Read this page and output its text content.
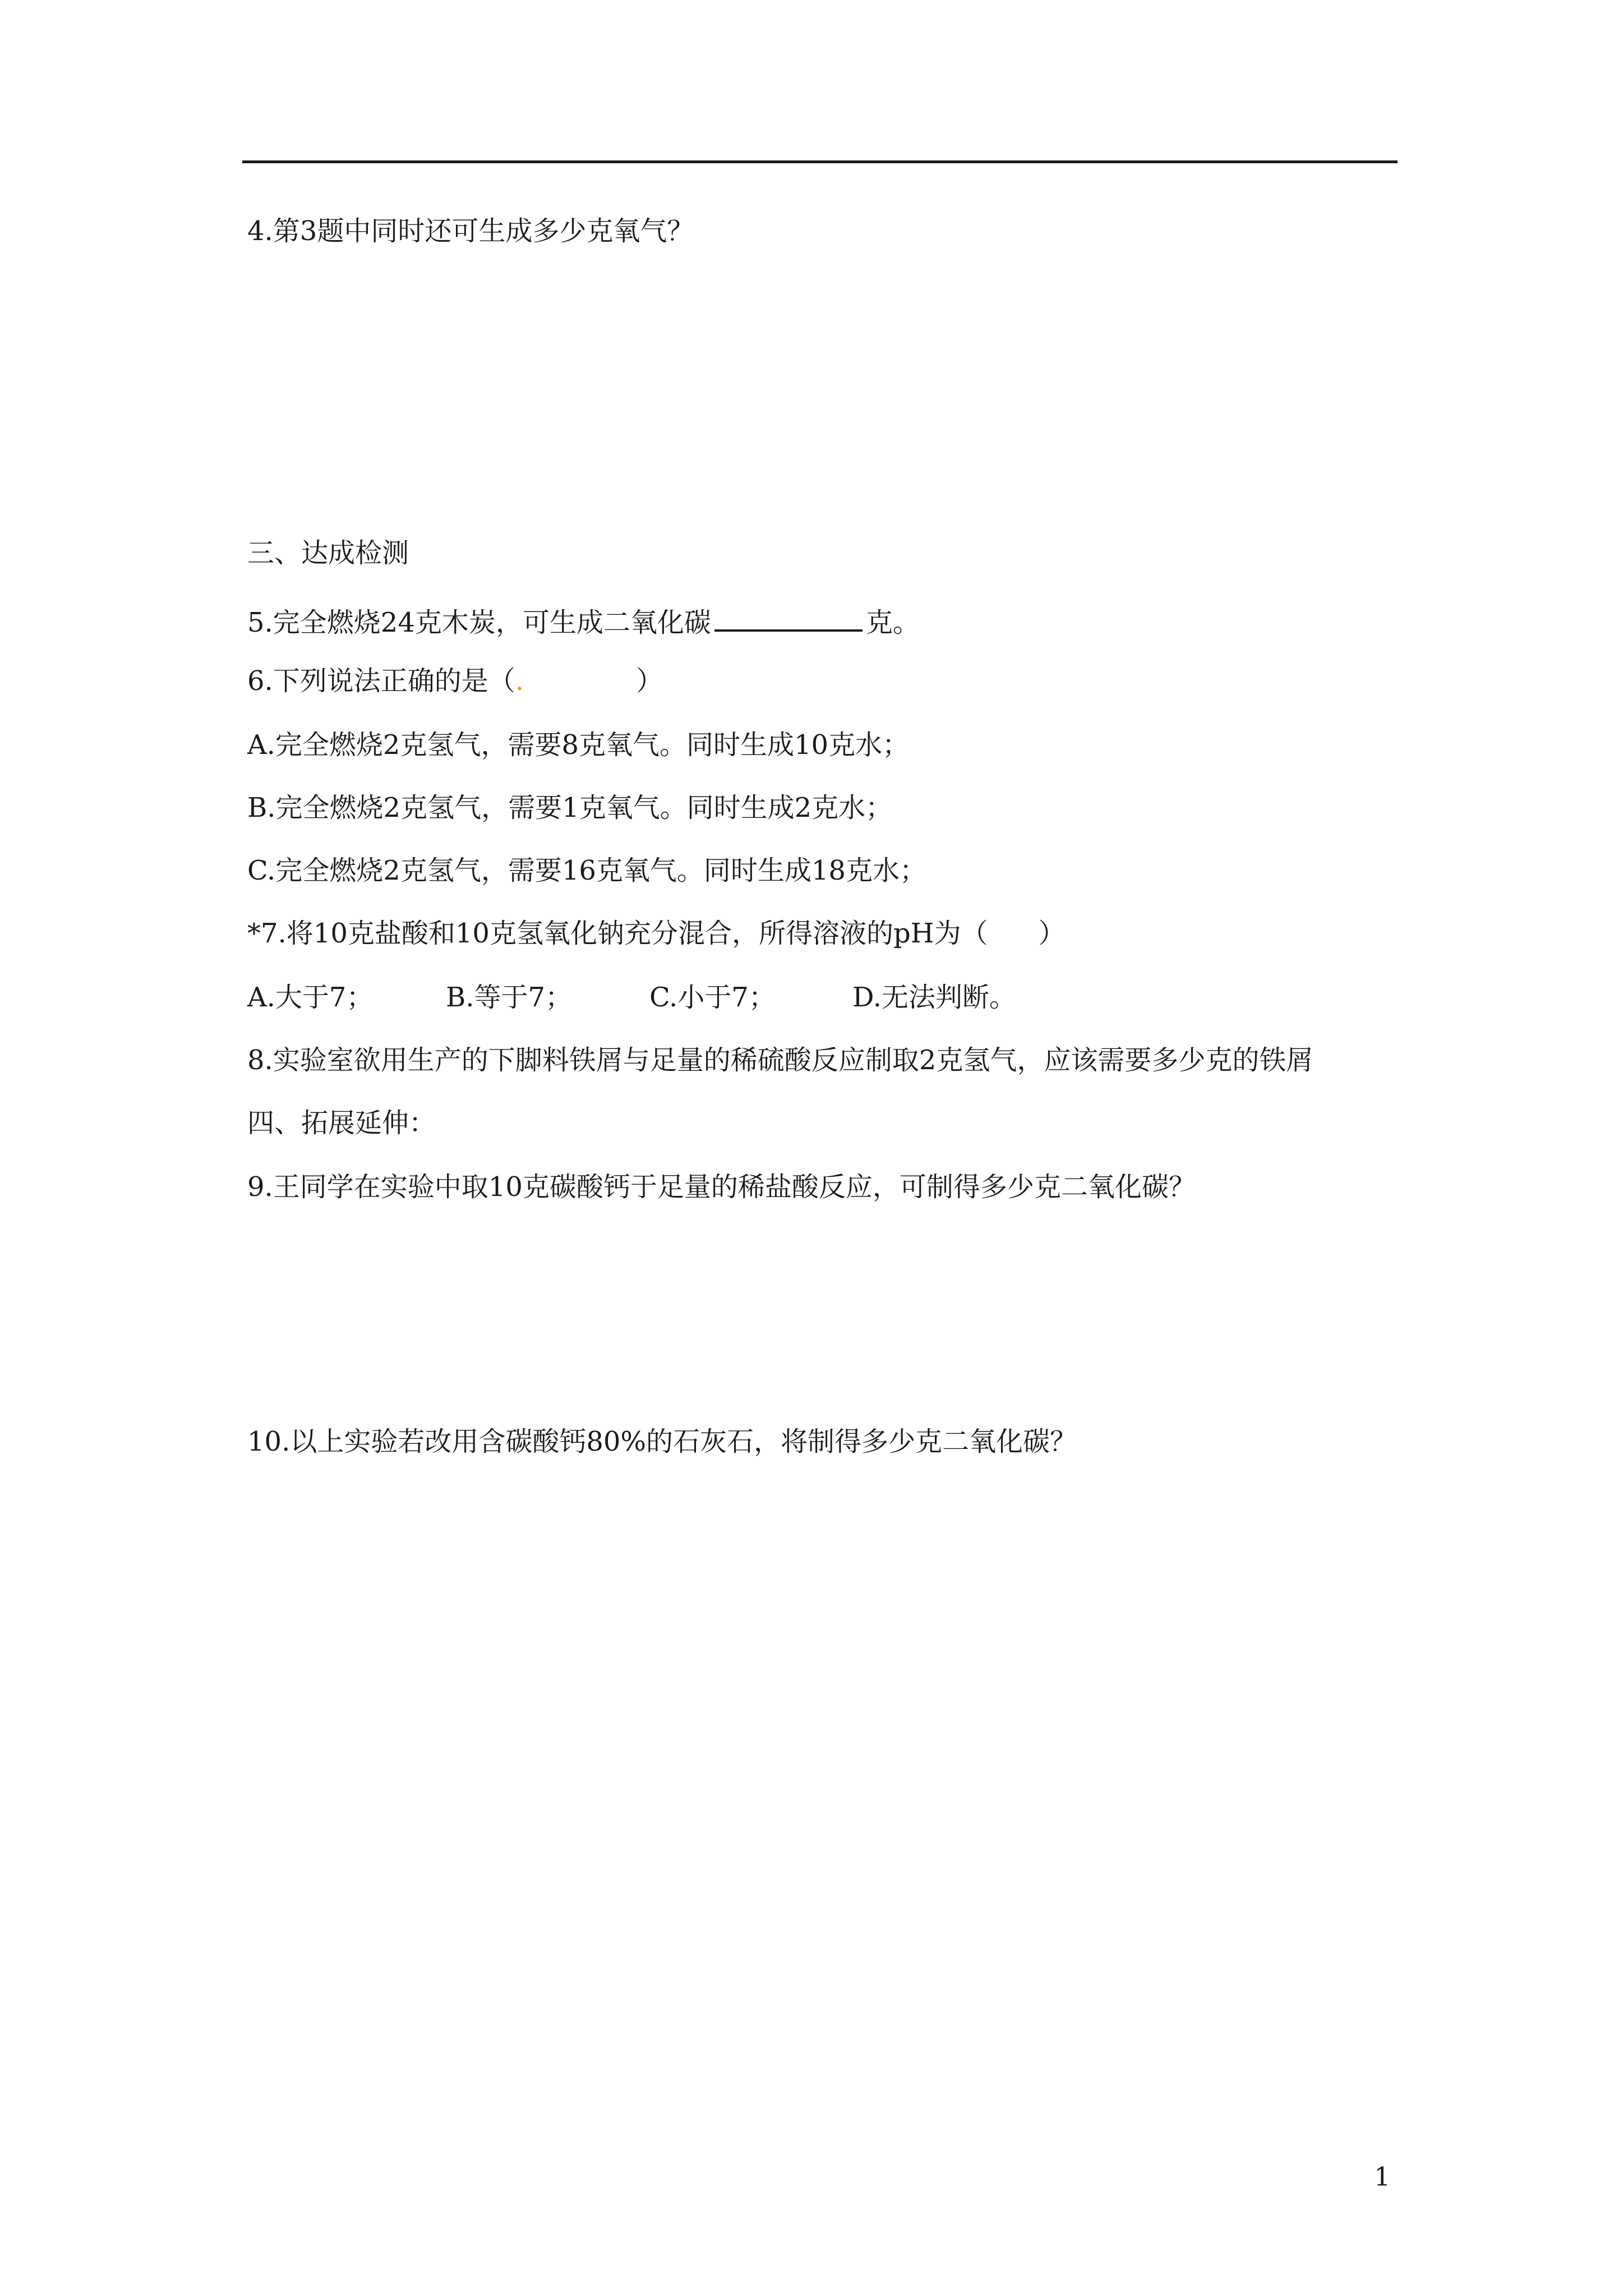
4.第3题中同时还可生成多少克氧气？
三、达成检测
5.完全燃烧24克木炭，可生成二氧化碳	克。
6.下列说法正确的是（.	）
A.完全燃烧2克氢气，需要8克氧气。同时生成10克水；
B.完全燃烧2克氢气，需要1克氧气。同时生成2克水；
C.完全燃烧2克氢气，需要16克氧气。同时生成18克水；
*7.将10克盐酸和10克氢氧化钠充分混合，所得溶液的pH为（ ）
A.大于7；	B.等于7；	C.小于7；	D.无法判断。
8.实验室欲用生产的下脚料铁屑与足量的稀硫酸反应制取2克氢气，应该需要多少克的铁屑
四、拓展延伸：
9.王同学在实验中取10克碳酸钙于足量的稀盐酸反应，可制得多少克二氧化碳？
10.以上实验若改用含碳酸钙80%的石灰石，将制得多少克二氧化碳？
1
